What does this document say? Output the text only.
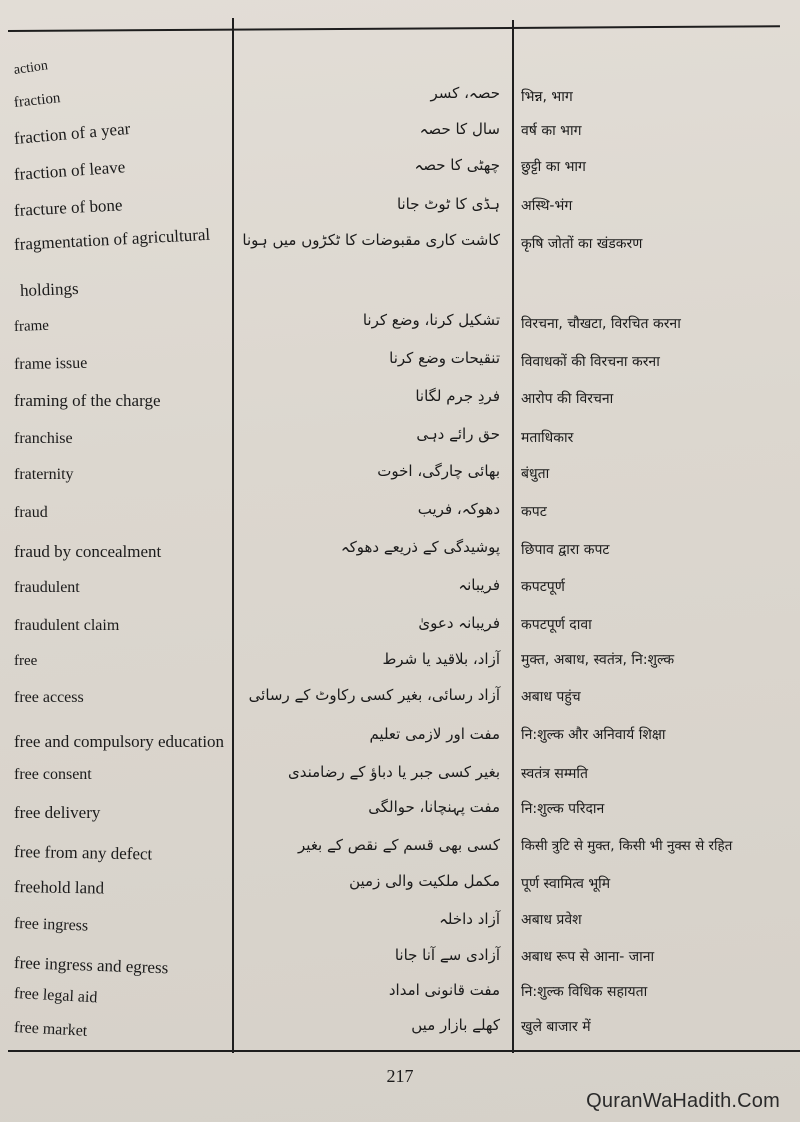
action
fraction	حصہ، کسر भिन्न, भाग
fraction of a year	سال کا حصہ वर्ष का भाग
fraction of leave	چھٹی کا حصہ छुट्टी का भाग
fracture of bone	ہڈی کا ٹوٹ جانا अस्थि-भंग
fragmentation of agricultural کاشت کاری مقبوضات کا ٹکڑوں میں ہونا कृषि जोतों का खंडकरण
holdings
frame	تشکیل کرنا، وضع کرنا विरचना, चौखटा, विरचित करना
frame issue	تنقیحات وضع کرنا विवाधकों की विरचना करना
framing of the charge	فردِ جرم لگانا आरोप की विरचना
franchise	حق رائے دہی मताधिकार
fraternity	بھائی چارگی، اخوت बंधुता
fraud	دھوکہ، فریب कपट
fraud by concealment	پوشیدگی کے ذریعے دھوکہ छिपाव द्वारा कपट
fraudulent	فریبانہ कपटपूर्ण
fraudulent claim	فریبانہ دعویٰ कपटपूर्ण दावा
free	آزاد، بلاقید یا شرط मुक्त, अबाध, स्वतंत्र, नि:शुल्क
free access	آزاد رسائی، بغیر کسی رکاوٹ کے رسائی अबाध पहुंच
free and compulsory education	مفت اور لازمی تعلیم नि:शुल्क और अनिवार्य शिक्षा
free consent	بغیر کسی جبر یا دباؤ کے رضامندی स्वतंत्र सम्मति
free delivery	مفت پہنچانا، حوالگی नि:शुल्क परिदान
free from any defect	کسی بھی قسم کے نقص کے بغیر किसी त्रुटि से मुक्त, किसी भी नुक्स से रहित
freehold land	مکمل ملکیت والی زمین पूर्ण स्वामित्व भूमि
free ingress	آزاد داخلہ अबाध प्रवेश
free ingress and egress	آزادی سے آنا جانا अबाध रूप से आना- जाना
free legal aid	مفت قانونی امداد नि:शुल्क विधिक सहायता
free market	کھلے بازار میں खुले बाजार में
217
QuranWaHadith.Com
